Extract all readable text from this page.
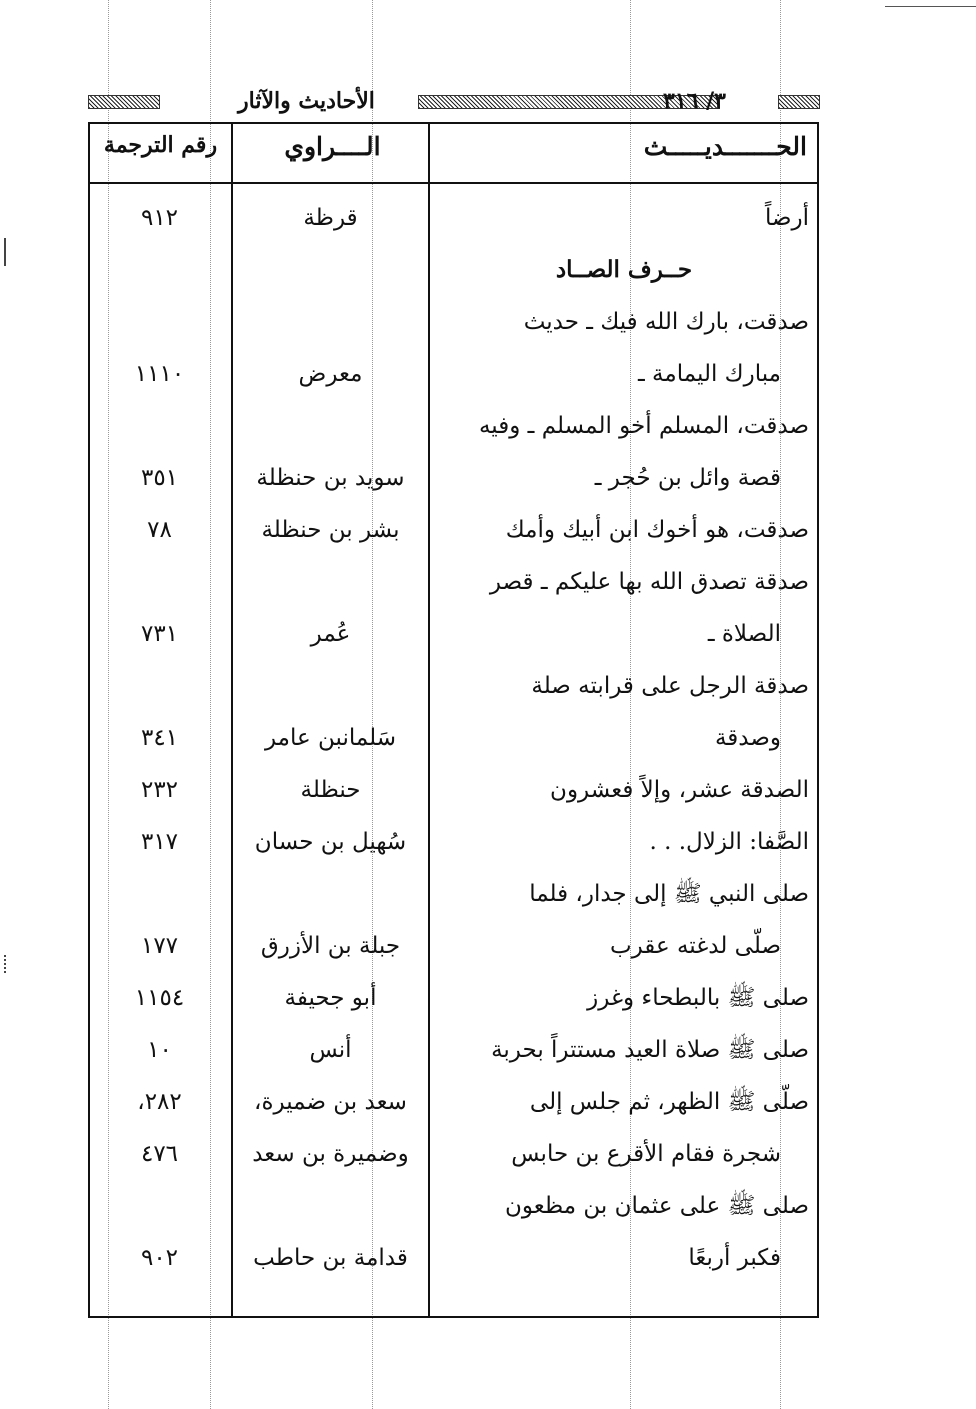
الأحاديث والآثار	٣/ ٣١٦
الحـــــــديـــــث
الــــراوي
رقم الترجمة
أرضاً
قرظة
٩١٢
حــرف الصــاد
صدقت، بارك الله فيك ـ حديث
مبارك اليمامة ـ
معرض
١١١٠
صدقت، المسلم أخو المسلم ـ وفيه
قصة وائل بن حُجر ـ
سويد بن حنظلة
٣٥١
صدقت، هو أخوك ابن أبيك وأمك
بشر بن حنظلة
٧٨
صدقة تصدق الله بها عليكم ـ قصر
الصلاة ـ
عُمر
٧٣١
صدقة الرجل على قرابته صلة
وصدقة
سَلمانبن عامر
٣٤١
الصدقة عشر، وإلاً فعشرون
حنظلة
٢٣٢
الصَّفا: الزلال. . .
سُهيل بن حسان
٣١٧
صلى النبي ﷺ إلى جدار، فلما
صلّى لدغته عقرب
جبلة بن الأزرق
١٧٧
صلى ﷺ بالبطحاء وغرز
أبو جحيفة
١١٥٤
صلى ﷺ صلاة العيد مستتراً بحربة
أنس
١٠
صلّى ﷺ الظهر، ثم جلس إلى
سعد بن ضميرة،
٢٨٢،
شجرة فقام الأقرع بن حابس
وضميرة بن سعد
٤٧٦
صلى ﷺ على عثمان بن مظعون
فكبر أربعًا
قدامة بن حاطب
٩٠٢
